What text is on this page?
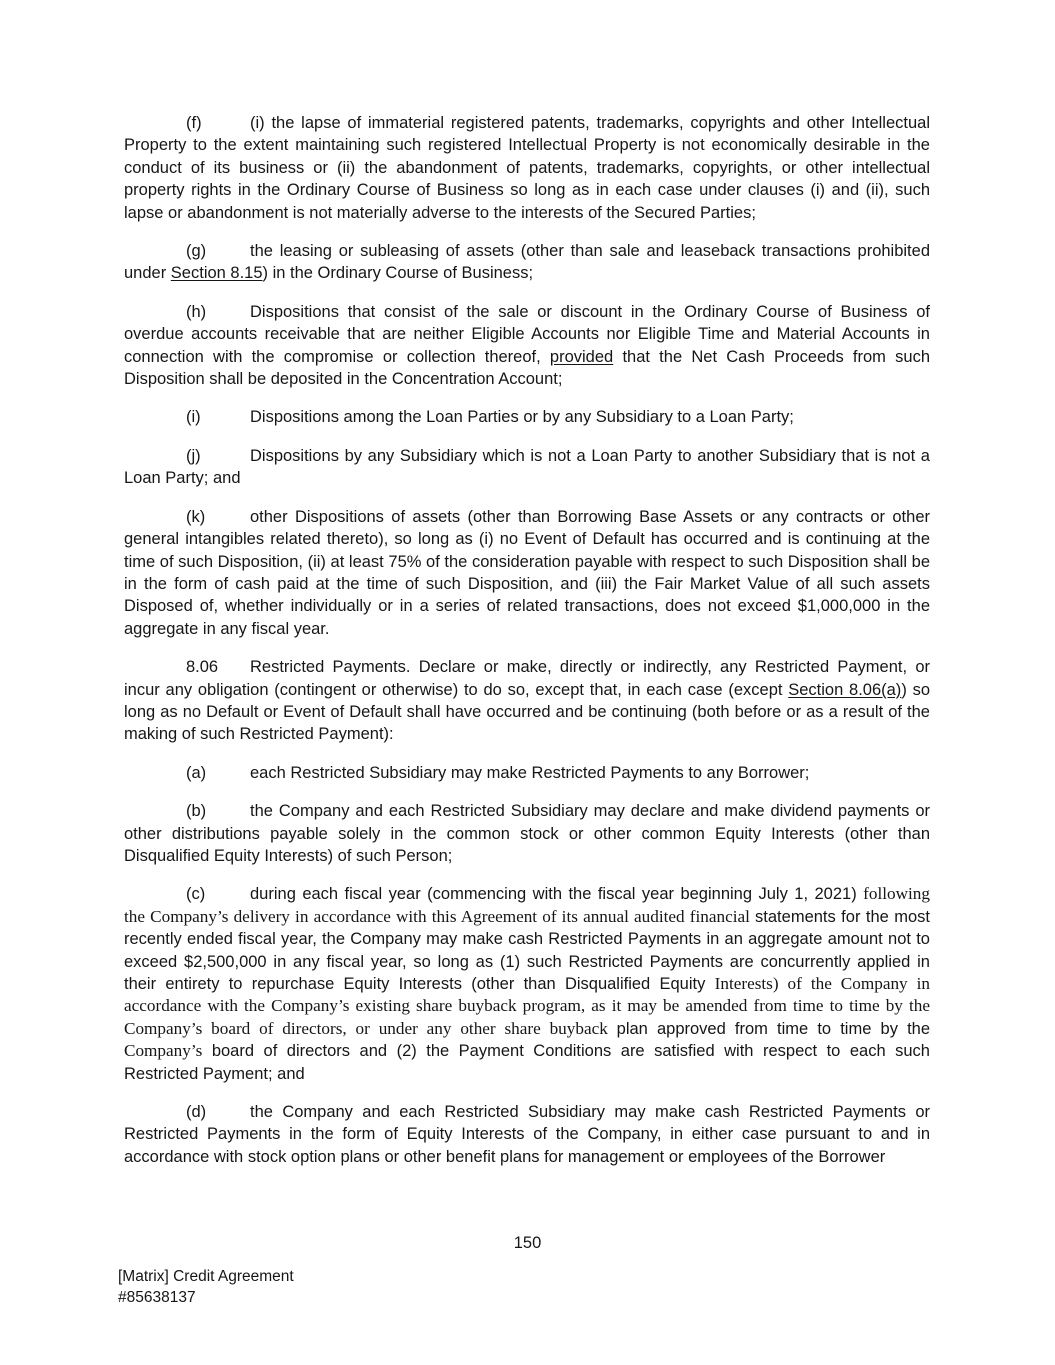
(f)	(i) the lapse of immaterial registered patents, trademarks, copyrights and other Intellectual Property to the extent maintaining such registered Intellectual Property is not economically desirable in the conduct of its business or (ii) the abandonment of patents, trademarks, copyrights, or other intellectual property rights in the Ordinary Course of Business so long as in each case under clauses (i) and (ii), such lapse or abandonment is not materially adverse to the interests of the Secured Parties;

(g)	the leasing or subleasing of assets (other than sale and leaseback transactions prohibited under Section 8.15) in the Ordinary Course of Business;

(h)	Dispositions that consist of the sale or discount in the Ordinary Course of Business of overdue accounts receivable that are neither Eligible Accounts nor Eligible Time and Material Accounts in connection with the compromise or collection thereof, provided that the Net Cash Proceeds from such Disposition shall be deposited in the Concentration Account;

(i)	Dispositions among the Loan Parties or by any Subsidiary to a Loan Party;

(j)	Dispositions by any Subsidiary which is not a Loan Party to another Subsidiary that is not a Loan Party; and

(k)	other Dispositions of assets (other than Borrowing Base Assets or any contracts or other general intangibles related thereto), so long as (i) no Event of Default has occurred and is continuing at the time of such Disposition, (ii) at least 75% of the consideration payable with respect to such Disposition shall be in the form of cash paid at the time of such Disposition, and (iii) the Fair Market Value of all such assets Disposed of, whether individually or in a series of related transactions, does not exceed $1,000,000 in the aggregate in any fiscal year.

8.06 Restricted Payments. Declare or make, directly or indirectly, any Restricted Payment, or incur any obligation (contingent or otherwise) to do so, except that, in each case (except Section 8.06(a)) so long as no Default or Event of Default shall have occurred and be continuing (both before or as a result of the making of such Restricted Payment):

(a)	each Restricted Subsidiary may make Restricted Payments to any Borrower;

(b)	the Company and each Restricted Subsidiary may declare and make dividend payments or other distributions payable solely in the common stock or other common Equity Interests (other than Disqualified Equity Interests) of such Person;

(c)	during each fiscal year (commencing with the fiscal year beginning July 1, 2021) following the Company’s delivery in accordance with this Agreement of its annual audited financial statements for the most recently ended fiscal year, the Company may make cash Restricted Payments in an aggregate amount not to exceed $2,500,000 in any fiscal year, so long as (1) such Restricted Payments are concurrently applied in their entirety to repurchase Equity Interests (other than Disqualified Equity Interests) of the Company in accordance with the Company’s existing share buyback program, as it may be amended from time to time by the Company’s board of directors, or under any other share buyback plan approved from time to time by the Company’s board of directors and (2) the Payment Conditions are satisfied with respect to each such Restricted Payment; and

(d)	the Company and each Restricted Subsidiary may make cash Restricted Payments or Restricted Payments in the form of Equity Interests of the Company, in either case pursuant to and in accordance with stock option plans or other benefit plans for management or employees of the Borrower

150
[Matrix] Credit Agreement
#85638137
